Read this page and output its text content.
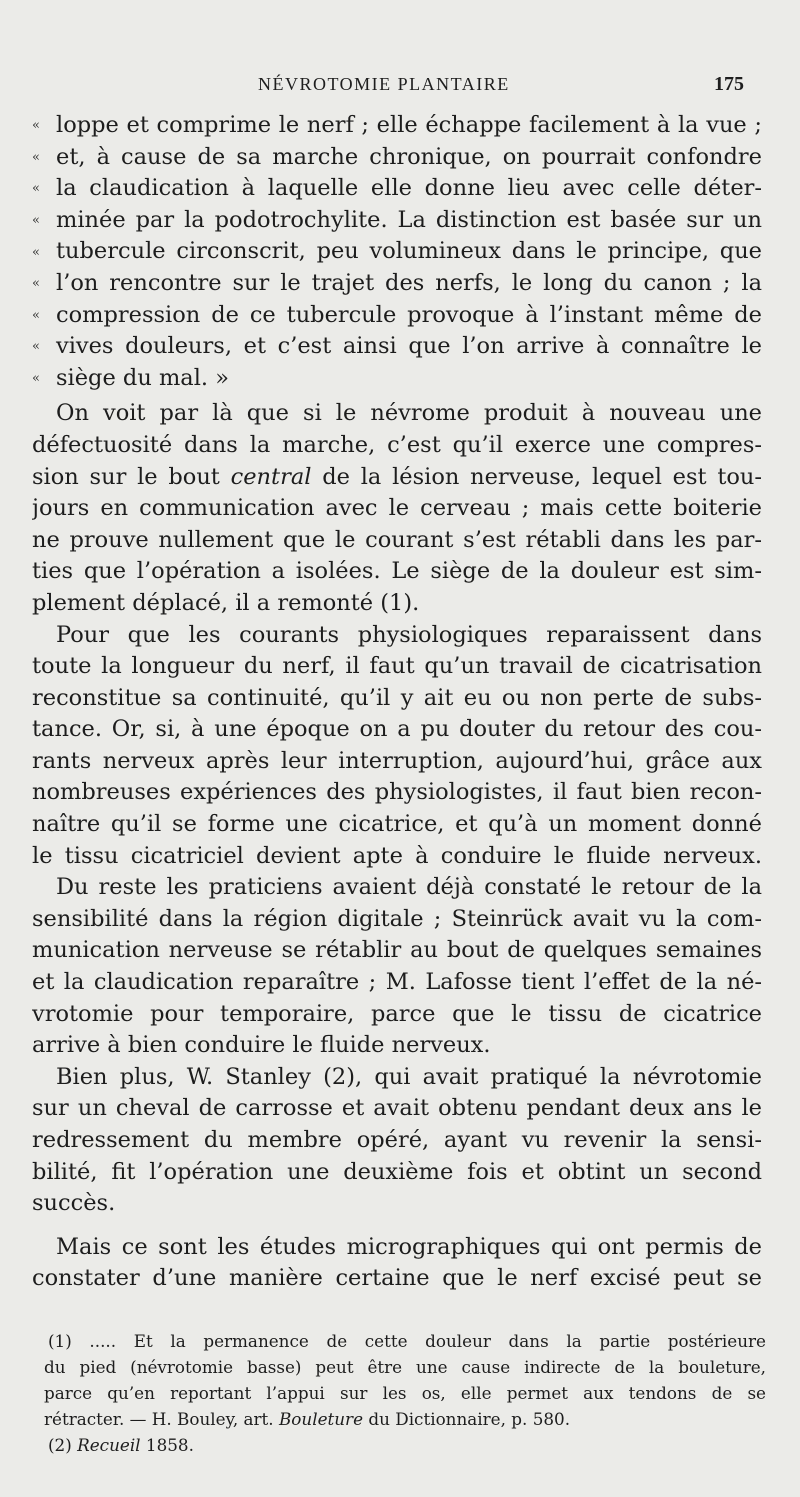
NÉVROTOMIE PLANTAIRE	175
« loppe et comprime le nerf ; elle échappe facilement à la vue ;
« et, à cause de sa marche chronique, on pourrait confondre
« la claudication à laquelle elle donne lieu avec celle déter-
« minée par la podotrochylite. La distinction est basée sur un
« tubercule circonscrit, peu volumineux dans le principe, que
« l’on rencontre sur le trajet des nerfs, le long du canon ; la
« compression de ce tubercule provoque à l’instant même de
« vives douleurs, et c’est ainsi que l’on arrive à connaître le
« siège du mal. »
On voit par là que si le névrome produit à nouveau une
défectuosité dans la marche, c’est qu’il exerce une compres-
sion sur le bout central de la lésion nerveuse, lequel est tou-
jours en communication avec le cerveau ; mais cette boiterie
ne prouve nullement que le courant s’est rétabli dans les par-
ties que l’opération a isolées. Le siège de la douleur est sim-
plement déplacé, il a remonté (1).
Pour que les courants physiologiques reparaissent dans
toute la longueur du nerf, il faut qu’un travail de cicatrisation
reconstitue sa continuité, qu’il y ait eu ou non perte de subs-
tance. Or, si, à une époque on a pu douter du retour des cou-
rants nerveux après leur interruption, aujourd’hui, grâce aux
nombreuses expériences des physiologistes, il faut bien recon-
naître qu’il se forme une cicatrice, et qu’à un moment donné
le tissu cicatriciel devient apte à conduire le fluide nerveux.
Du reste les praticiens avaient déjà constaté le retour de la
sensibilité dans la région digitale ; Steinrück avait vu la com-
munication nerveuse se rétablir au bout de quelques semaines
et la claudication reparaître ; M. Lafosse tient l’effet de la né-
vrotomie pour temporaire, parce que le tissu de cicatrice
arrive à bien conduire le fluide nerveux.
Bien plus, W. Stanley (2), qui avait pratiqué la névrotomie
sur un cheval de carrosse et avait obtenu pendant deux ans le
redressement du membre opéré, ayant vu revenir la sensi-
bilité, fit l’opération une deuxième fois et obtint un second
succès.
Mais ce sont les études micrographiques qui ont permis de
constater d’une manière certaine que le nerf excisé peut se
(1) ..... Et la permanence de cette douleur dans la partie postérieure
du pied (névrotomie basse) peut être une cause indirecte de la bouleture,
parce qu’en reportant l’appui sur les os, elle permet aux tendons de se
rétracter. — H. Bouley, art. Bouleture du Dictionnaire, p. 580.
(2) Recueil 1858.
